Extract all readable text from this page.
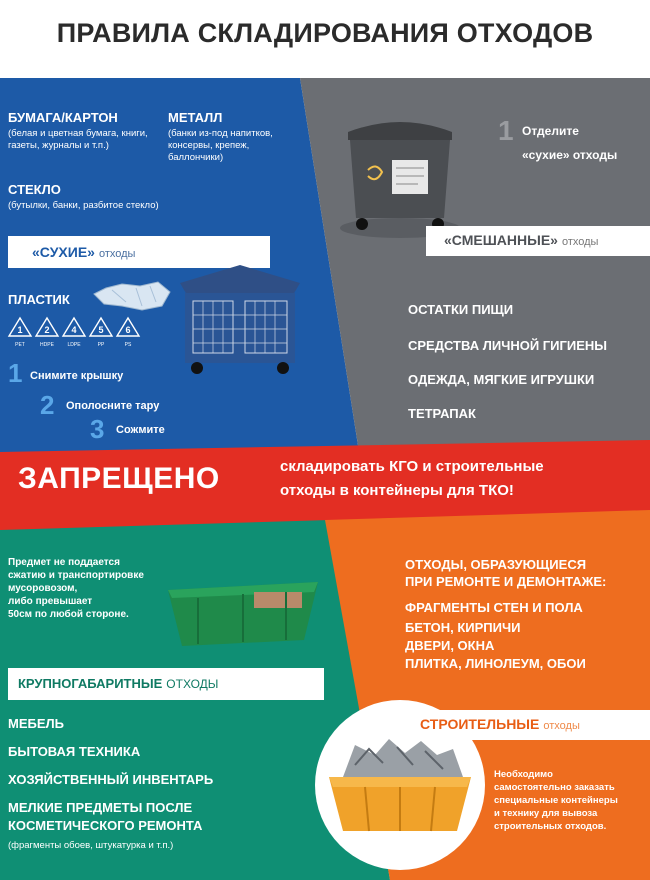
ПРАВИЛА СКЛАДИРОВАНИЯ ОТХОДОВ
БУМАГА/КАРТОН
(белая и цветная бумага, книги, газеты, журналы и т.п.)
МЕТАЛЛ
(банки из-под напитков, консервы, крепеж, баллончики)
СТЕКЛО
(бутылки, банки, разбитое стекло)
«СУХИЕ» отходы
ПЛАСТИК
1
PET
2
HDPE
4
LDPE
5
PP
6
PS
1 Снимите крышку
2 Ополосните тару
3 Сожмите
1 Отделите
«сухие» отходы
«СМЕШАННЫЕ» отходы
ОСТАТКИ ПИЩИ
СРЕДСТВА ЛИЧНОЙ ГИГИЕНЫ
ОДЕЖДА, МЯГКИЕ ИГРУШКИ
ТЕТРАПАК
ЗАПРЕЩЕНО	складировать КГО и строительные
отходы в контейнеры для ТКО!
Предмет не поддается
сжатию и транспортировке
мусоровозом,
либо превышает
50см по любой стороне.
КРУПНОГАБАРИТНЫЕ ОТХОДЫ
МЕБЕЛЬ
БЫТОВАЯ ТЕХНИКА
ХОЗЯЙСТВЕННЫЙ ИНВЕНТАРЬ
МЕЛКИЕ ПРЕДМЕТЫ ПОСЛЕ
КОСМЕТИЧЕСКОГО РЕМОНТА
(фрагменты обоев, штукатурка и т.п.)
ОТХОДЫ, ОБРАЗУЮЩИЕСЯ
ПРИ РЕМОНТЕ И ДЕМОНТАЖЕ:
ФРАГМЕНТЫ СТЕН И ПОЛА
БЕТОН, КИРПИЧИ
ДВЕРИ, ОКНА
ПЛИТКА, ЛИНОЛЕУМ, ОБОИ
СТРОИТЕЛЬНЫЕ отходы
Необходимо
самостоятельно заказать
специальные контейнеры
и технику для вывоза
строительных отходов.
